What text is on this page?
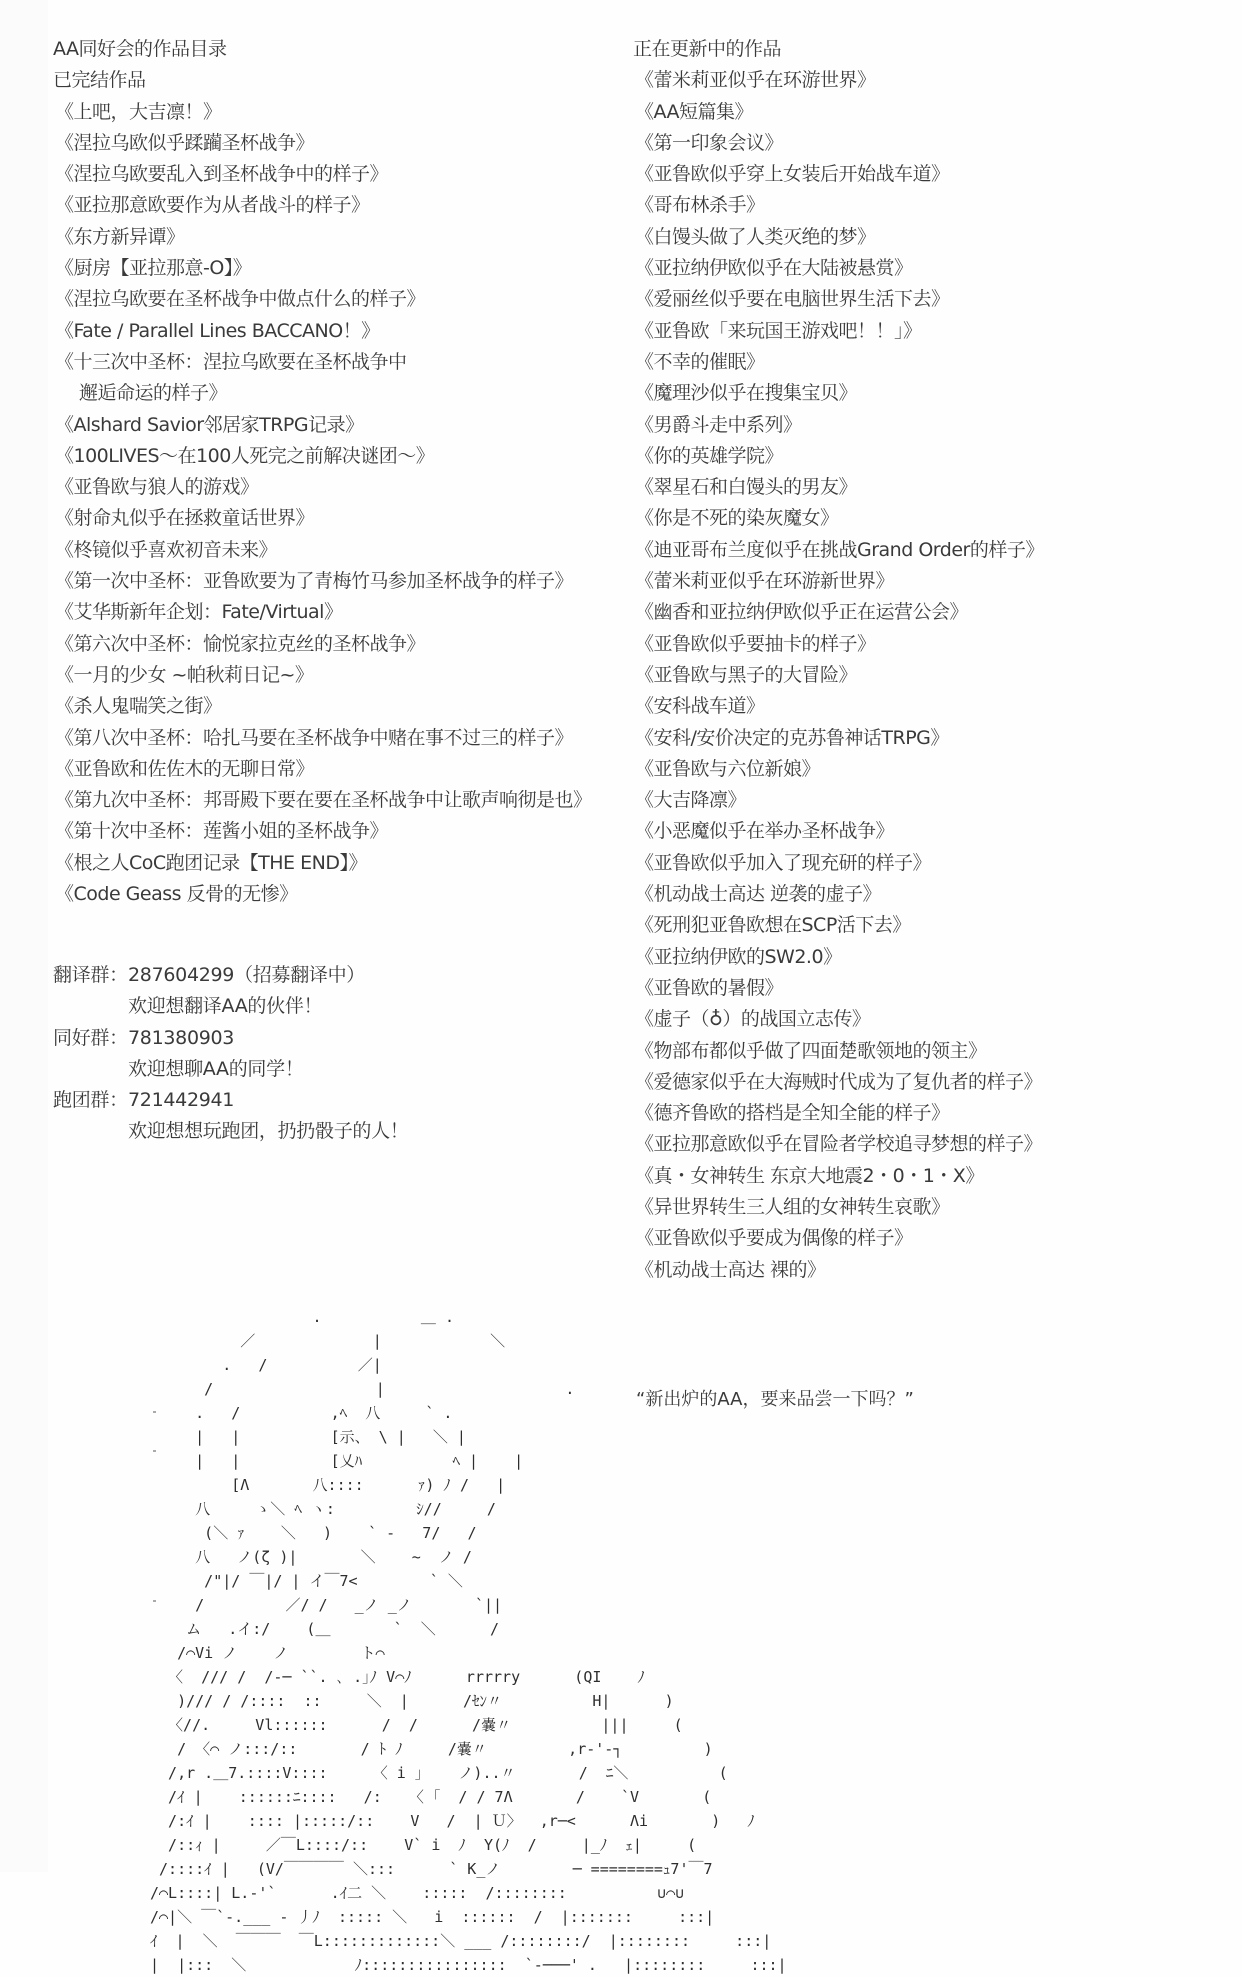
AA同好会的作品目录
已完结作品
《上吧，大吉凛！》
《涅拉乌欧似乎蹂躏圣杯战争》
《涅拉乌欧要乱入到圣杯战争中的样子》
《亚拉那意欧要作为从者战斗的样子》
《东方新异谭》
《厨房【亚拉那意-O】》
《涅拉乌欧要在圣杯战争中做点什么的样子》
《Fate / Parallel Lines BACCANO！》
《十三次中圣杯：涅拉乌欧要在圣杯战争中
邂逅命运的样子》
《Alshard Savior邻居家TRPG记录》
《100LIVES～在100人死完之前解决谜团～》
《亚鲁欧与狼人的游戏》
《射命丸似乎在拯救童话世界》
《柊镜似乎喜欢初音未来》
《第一次中圣杯：亚鲁欧要为了青梅竹马参加圣杯战争的样子》
《艾华斯新年企划：Fate/Virtual》
《第六次中圣杯：愉悦家拉克丝的圣杯战争》
《一月的少女 ~帕秋莉日记~》
《杀人鬼喘笑之街》
《第八次中圣杯：哈扎马要在圣杯战争中赌在事不过三的样子》
《亚鲁欧和佐佐木的无聊日常》
《第九次中圣杯：邦哥殿下要在要在圣杯战争中让歌声响彻是也》
《第十次中圣杯：莲酱小姐的圣杯战争》
《根之人CoC跑团记录【THE END】》
《Code Geass 反骨的无惨》
翻译群： 287604299（招募翻译中）
欢迎想翻译AA的伙伴！
同好群： 781380903
欢迎想聊AA的同学！
跑团群： 721442941
欢迎想想玩跑团，扔扔骰子的人！
正在更新中的作品
《蕾米莉亚似乎在环游世界》
《AA短篇集》
《第一印象会议》
《亚鲁欧似乎穿上女装后开始战车道》
《哥布林杀手》
《白馒头做了人类灭绝的梦》
《亚拉纳伊欧似乎在大陆被悬赏》
《爱丽丝似乎要在电脑世界生活下去》
《亚鲁欧「来玩国王游戏吧！！」》
《不幸的催眠》
《魔理沙似乎在搜集宝贝》
《男爵斗走中系列》
《你的英雄学院》
《翠星石和白馒头的男友》
《你是不死的染灰魔女》
《迪亚哥布兰度似乎在挑战Grand Order的样子》
《蕾米莉亚似乎在环游新世界》
《幽香和亚拉纳伊欧似乎正在运营公会》
《亚鲁欧似乎要抽卡的样子》
《亚鲁欧与黑子的大冒险》
《安科战车道》
《安科/安价决定的克苏鲁神话TRPG》
《亚鲁欧与六位新娘》
《大吉降凛》
《小恶魔似乎在举办圣杯战争》
《亚鲁欧似乎加入了现充研的样子》
《机动战士高达 逆袭的虚子》
《死刑犯亚鲁欧想在SCP活下去》
《亚拉纳伊欧的SW2.0》
《亚鲁欧的暑假》
《虚子（♁）的战国立志传》
《物部布都似乎做了四面楚歌领地的领主》
《爱德家似乎在大海贼时代成为了复仇者的样子》
《德齐鲁欧的搭档是全知全能的样子》
《亚拉那意欧似乎在冒险者学校追寻梦想的样子》
《真・女神转生 东京大地震2・0・1・X》
《异世界转生三人组的女神转生哀歌》
《亚鲁欧似乎要成为偶像的样子》
《机动战士高达 裸的》
“新出炉的AA，要来品尝一下吗？”
.           ＿ .
／             |            ＼
.   /          ／|
/                  |                    .
.   /          ,ﾍ  八     ` .
|   |          [示、 \ |   ＼ |
|   |          [乂ﾊ          ﾍ |    |
[Λ       八::::      ｧ) ﾉ /   |
八     ゝ＼ ﾍ ヽ:         ｼ//     /
(＼ ｧ    ＼   )    ` ‐   7/   /
八   ノ(ζ )|       ＼    ~  ノ /
/"|/ ￣|/ | イ￣7<        ` ＼
/         ／/ /   _ノ _ノ       `||
ム   .イ:/    (＿       `  ＼      /
/⌒Vi ノ    ノ        ト⌒
〈  /// /  /‐─ ``. ､ .｣ﾉ V⌒ﾉ      rrrrry      (QI    ﾉ
)/// / /::::  ::     ＼  |      /ｾﾝ〃          H|      )
〈//.     Vl::::::      /  /      /嚢〃          |||     (
/ 〈⌒ ノ:::/::       / ﾄ ﾉ     /嚢〃         ,r‐'‐┐         )
/,r .＿7.::::V::::     〈 i ｣    ノ)..〃       /  ﾆ＼          (
/ｲ |    ::::::ﾆ::::   /:   〈 ｢  / / 7Λ       /    `V       (
/:ｲ |    :::: |:::::/::    V   /  | Ｕ〉  ,r─<      Λi       )   ﾉ
/::ｨ |     ／￣L::::/::    V` i  ﾉ  Y(ﾉ  /     |_ﾉ  ｪ|     (
/::::ｲ |   (V/￣￣￣￣ ＼:::      ` K_ノ        ─ ========ｭ7'￣7
/⌒L::::| L.‐'`      .ｲ二 ＼    :::::  /::::::::          ∪⌒∪
/⌒|＼ ￣`‐.___ ‐ 丿ﾉ  ::::: ＼   i  ::::::  /  |:::::::     :::|
ｲ  |  ＼  ￣￣￣  ￣L:::::::::::::＼ ___ /::::::::/  |::::::::     :::|
|  |:::  ＼            ﾉ::::::::::::::::  `‐───' .   |::::::::     :::|
